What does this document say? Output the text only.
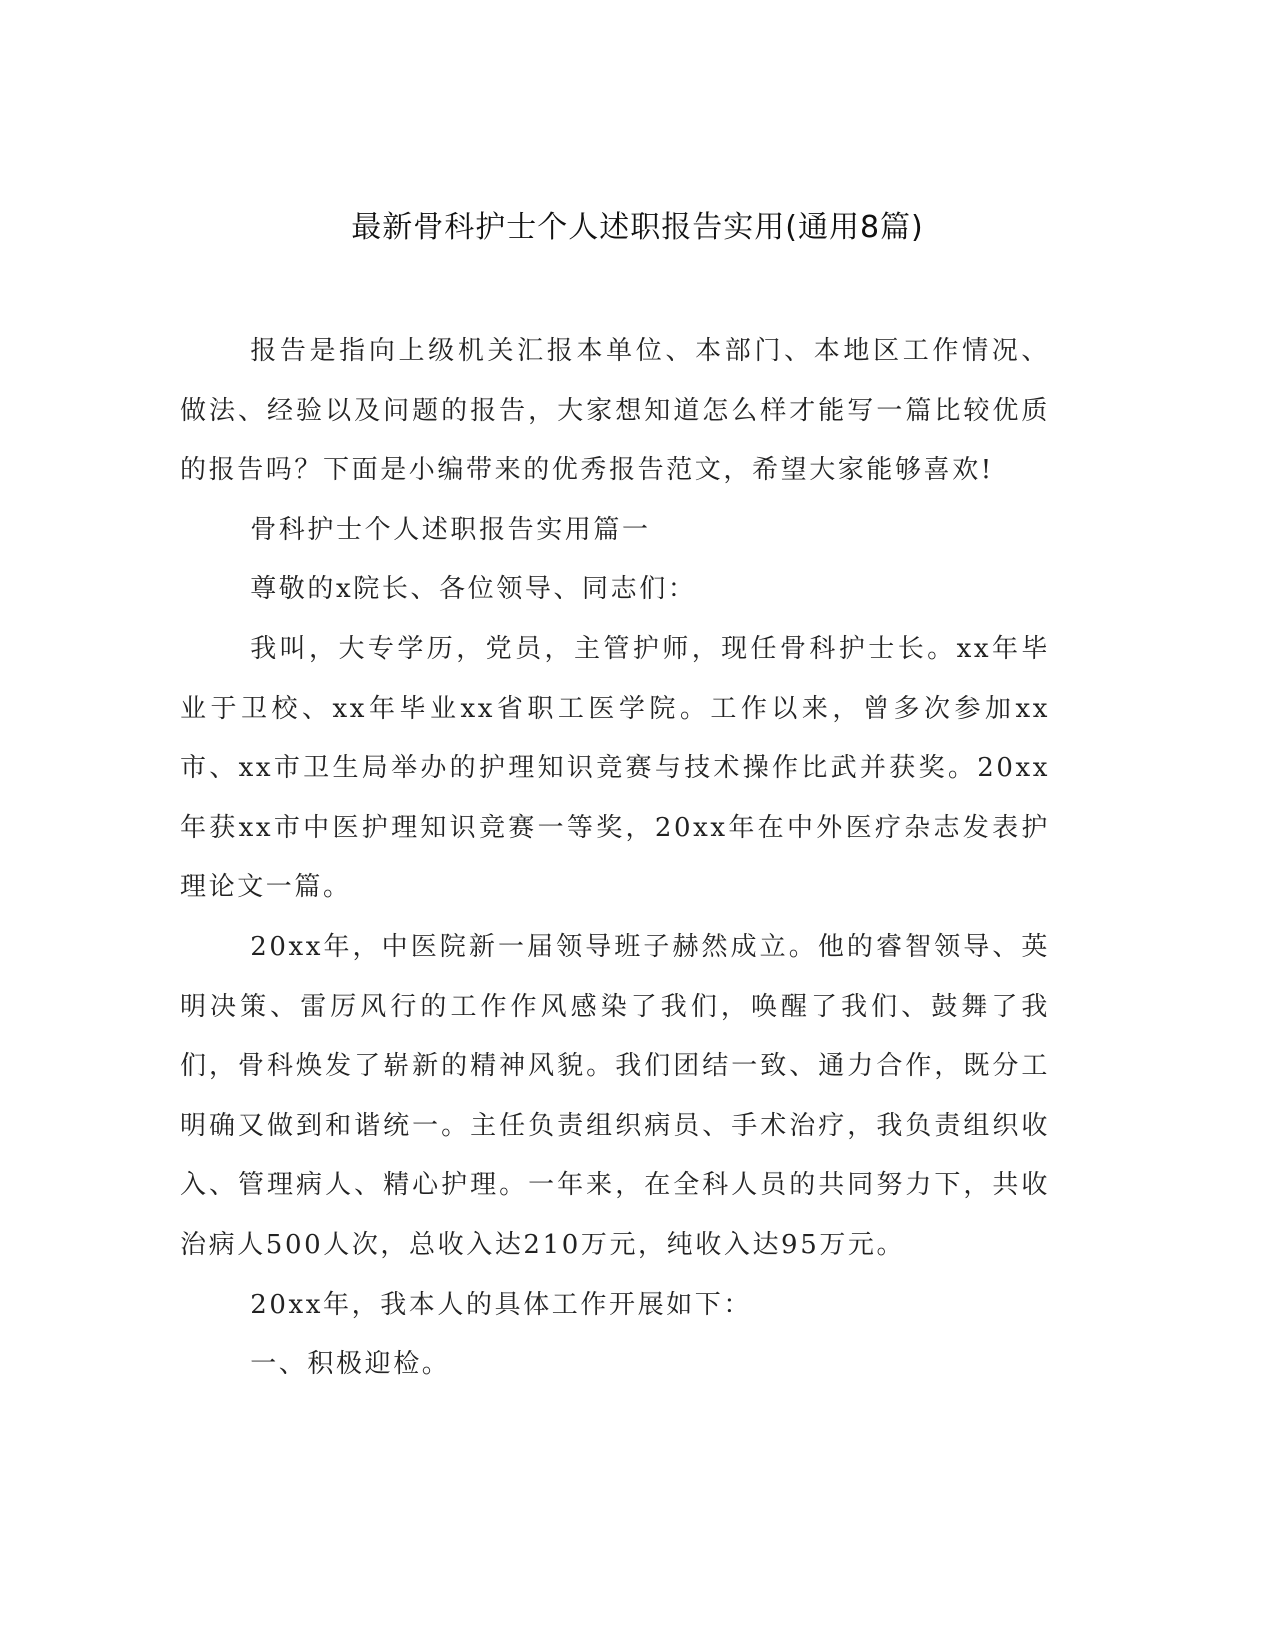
最新骨科护士个人述职报告实用(通用8篇)

报告是指向上级机关汇报本单位、本部门、本地区工作情况、做法、经验以及问题的报告，大家想知道怎么样才能写一篇比较优质的报告吗？下面是小编带来的优秀报告范文，希望大家能够喜欢!

骨科护士个人述职报告实用篇一

尊敬的x院长、各位领导、同志们：

我叫，大专学历，党员，主管护师，现任骨科护士长。xx年毕业于卫校、xx年毕业xx省职工医学院。工作以来，曾多次参加xx市、xx市卫生局举办的护理知识竞赛与技术操作比武并获奖。20xx年获xx市中医护理知识竞赛一等奖，20xx年在中外医疗杂志发表护理论文一篇。

20xx年，中医院新一届领导班子赫然成立。他的睿智领导、英明决策、雷厉风行的工作作风感染了我们，唤醒了我们、鼓舞了我们，骨科焕发了崭新的精神风貌。我们团结一致、通力合作，既分工明确又做到和谐统一。主任负责组织病员、手术治疗，我负责组织收入、管理病人、精心护理。一年来，在全科人员的共同努力下，共收治病人500人次，总收入达210万元，纯收入达95万元。

20xx年，我本人的具体工作开展如下：

一、积极迎检。
